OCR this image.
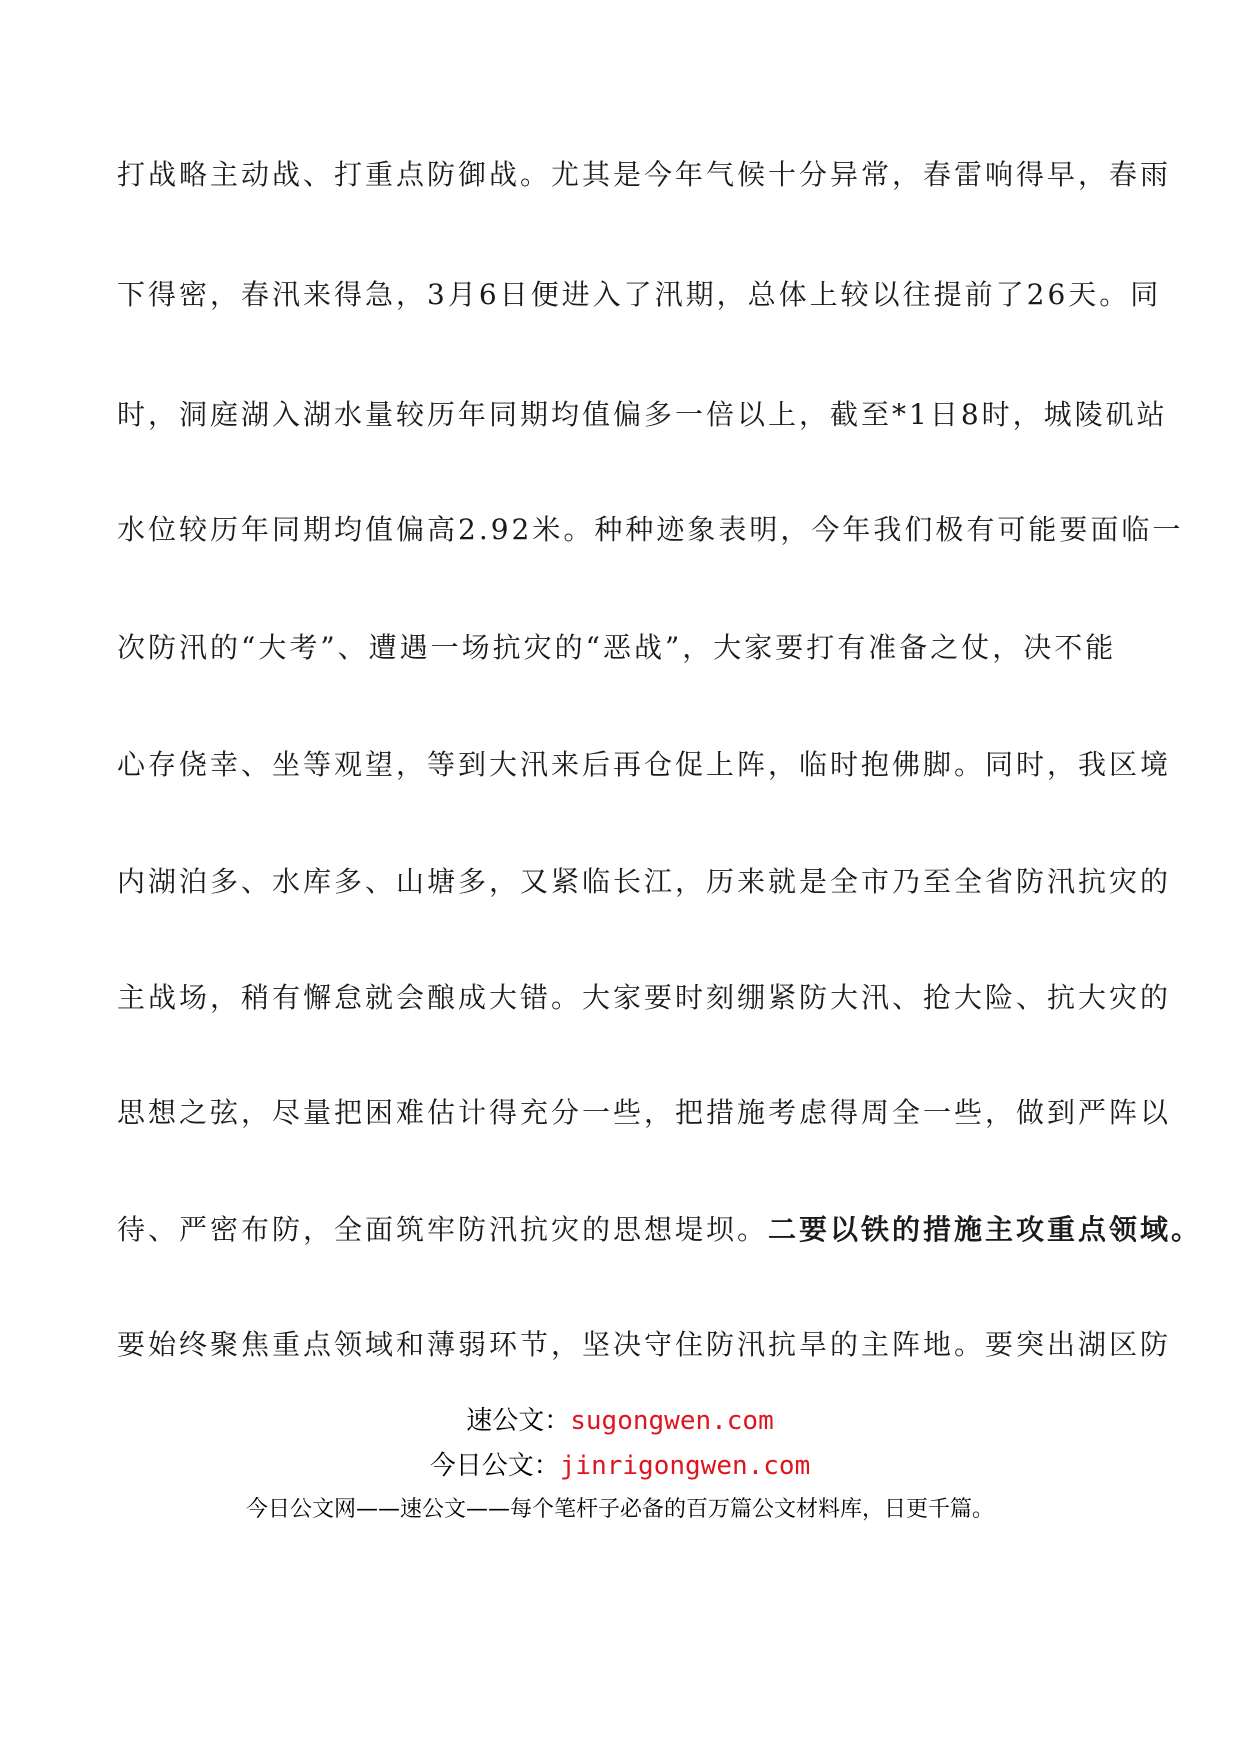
打战略主动战、打重点防御战。尤其是今年气候十分异常，春雷响得早，春雨
下得密，春汛来得急，3月6日便进入了汛期，总体上较以往提前了26天。同
时，洞庭湖入湖水量较历年同期均值偏多一倍以上，截至*1日8时，城陵矶站
水位较历年同期均值偏高2.92米。种种迹象表明，今年我们极有可能要面临一
次防汛的“大考”、遭遇一场抗灾的“恶战”，大家要打有准备之仗，决不能
心存侥幸、坐等观望，等到大汛来后再仓促上阵，临时抱佛脚。同时，我区境
内湖泊多、水库多、山塘多，又紧临长江，历来就是全市乃至全省防汛抗灾的
主战场，稍有懈怠就会酿成大错。大家要时刻绷紧防大汛、抢大险、抗大灾的
思想之弦，尽量把困难估计得充分一些，把措施考虑得周全一些，做到严阵以
待、严密布防，全面筑牢防汛抗灾的思想堤坝。二要以铁的措施主攻重点领域。
要始终聚焦重点领域和薄弱环节，坚决守住防汛抗旱的主阵地。要突出湖区防
速公文：sugongwen.com
今日公文：jinrigongwen.com
今日公文网——速公文——每个笔杆子必备的百万篇公文材料库，日更千篇。
